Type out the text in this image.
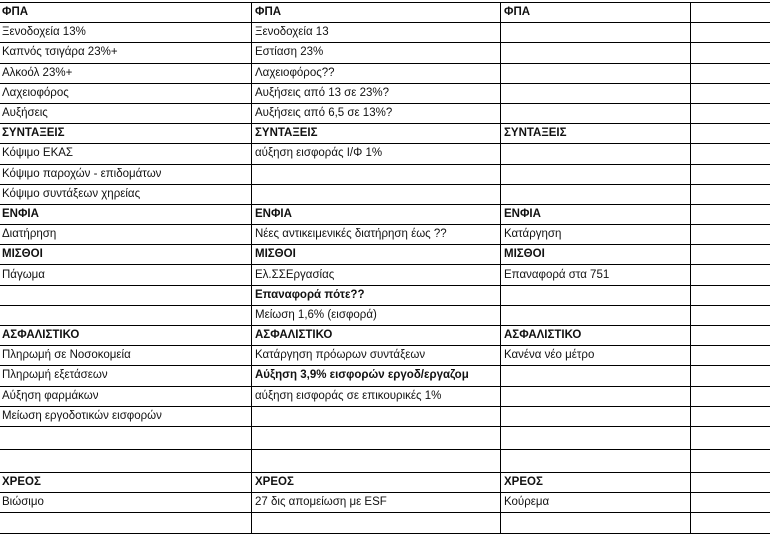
ΦΠΑ	ΦΠΑ	ΦΠΑ	
Ξενοδοχεία 13%	Ξενοδοχεία 13		
Καπνός τσιγάρα 23%+	Εστίαση 23%		
Αλκοόλ 23%+	Λαχειοφόρος??		
Λαχειοφόρος	Αυξήσεις από 13 σε 23%?		
Αυξήσεις	Αυξήσεις από 6,5 σε 13%?		
ΣΥΝΤΑΞΕΙΣ	ΣΥΝΤΑΞΕΙΣ	ΣΥΝΤΑΞΕΙΣ	
Κόψιμο ΕΚΑΣ	αύξηση εισφοράς Ι/Φ 1%		
Κόψιμο παροχών - επιδομάτων			
Κόψιμο συντάξεων χηρείας			
ΕΝΦΙΑ	ΕΝΦΙΑ	ΕΝΦΙΑ	
Διατήρηση	Νέες αντικειμενικές διατήρηση έως ??	Κατάργηση	
ΜΙΣΘΟΙ	ΜΙΣΘΟΙ	ΜΙΣΘΟΙ	
Πάγωμα	Ελ.ΣΣΕργασίας	Επαναφορά στα 751	
	Επαναφορά πότε??		
	Μείωση 1,6% (εισφορά)		
ΑΣΦΑΛΙΣΤΙΚΟ	ΑΣΦΑΛΙΣΤΙΚΟ	ΑΣΦΑΛΙΣΤΙΚΟ	
Πληρωμή σε Νοσοκομεία	Κατάργηση πρόωρων συντάξεων	Κανένα νέο μέτρο	
Πληρωμή εξετάσεων	Αύξηση 3,9% εισφορών εργοδ/εργαζομ		
Αύξηση φαρμάκων	αύξηση εισφοράς σε επικουρικές 1%		
Μείωση εργοδοτικών εισφορών			

ΧΡΕΟΣ	ΧΡΕΟΣ	ΧΡΕΟΣ	
Βιώσιμο	27 δις απομείωση με ESF	Κούρεμα	
